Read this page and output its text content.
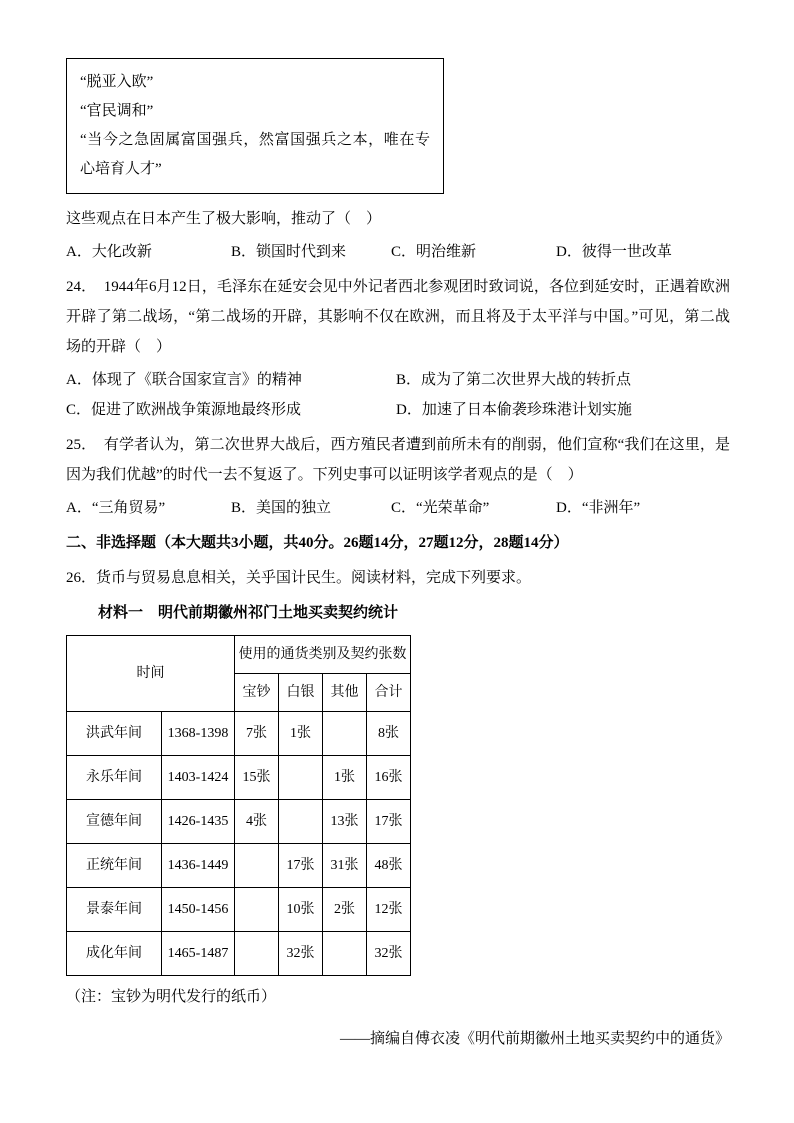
“脱亚入欧”

“官民调和”

“当今之急固属富国强兵，然富国强兵之本，唯在专心培育人才”

这些观点在日本产生了极大影响，推动了（　）

A．大化改新	B．锁国时代到来	C．明治维新	D．彼得一世改革

24．　1944年6月12日，毛泽东在延安会见中外记者西北参观团时致词说，各位到延安时，正遇着欧洲开辟了第二战场，“第二战场的开辟，其影响不仅在欧洲，而且将及于太平洋与中国。”可见，第二战场的开辟（　）

A．体现了《联合国家宣言》的精神	B．成为了第二次世界大战的转折点
C．促进了欧洲战争策源地最终形成	D．加速了日本偷袭珍珠港计划实施

25．　有学者认为，第二次世界大战后，西方殖民者遭到前所未有的削弱，他们宣称“我们在这里，是因为我们优越”的时代一去不复返了。下列史事可以证明该学者观点的是（　）

A．“三角贸易”	B．美国的独立	C．“光荣革命”	D．“非洲年”

二、非选择题（本大题共3小题，共40分。26题14分，27题12分，28题14分）

26．货币与贸易息息相关，关乎国计民生。阅读材料，完成下列要求。

材料一　明代前期徽州祁门土地买卖契约统计

时间		使用的通货类别及契约张数			
		宝钞	白银	其他	合计
洪武年间	1368-1398	7张	1张		8张
永乐年间	1403-1424	15张		1张	16张
宣德年间	1426-1435	4张		13张	17张
正统年间	1436-1449		17张	31张	48张
景泰年间	1450-1456		10张	2张	12张
成化年间	1465-1487		32张		32张

（注：宝钞为明代发行的纸币）

——摘编自傅衣凌《明代前期徽州土地买卖契约中的通货》
